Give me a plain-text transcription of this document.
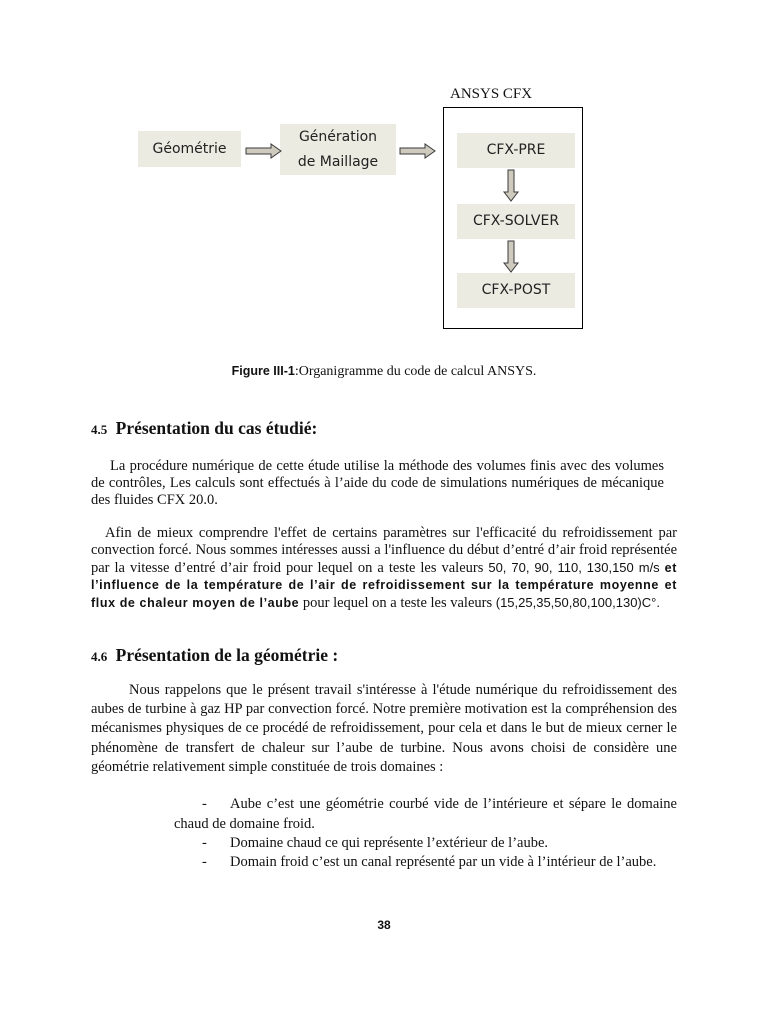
ANSYS CFX
Géométrie
Génération
de Maillage
CFX-PRE
CFX-SOLVER
CFX-POST
Figure III-1:Organigramme du code de calcul ANSYS.
4.5 Présentation du cas étudié:
La procédure numérique de cette étude utilise la méthode des volumes finis avec des volumes de contrôles, Les calculs sont effectués à l’aide du code de simulations numériques de mécanique des fluides CFX 20.0.
Afin de mieux comprendre l'effet de certains paramètres sur l'efficacité du refroidissement par convection forcé. Nous sommes intéresses aussi a l'influence du début d’entré d’air froid représentée par la vitesse d’entré d’air froid pour lequel on a teste les valeurs 50, 70, 90, 110, 130,150 m/s et l’influence de la température de l’air de refroidissement sur la température moyenne et flux de chaleur moyen de l’aube pour lequel on a teste les valeurs (15,25,35,50,80,100,130)C°.
4.6 Présentation de la géométrie :
Nous rappelons que le présent travail s'intéresse à l'étude numérique du refroidissement des aubes de turbine à gaz HP par convection forcé. Notre première motivation est la compréhension des mécanismes physiques de ce procédé de refroidissement, pour cela et dans le but de mieux cerner le phénomène de transfert de chaleur sur l’aube de turbine. Nous avons choisi de considère une géométrie relativement simple constituée de trois domaines :
- Aube c’est une géométrie courbé vide de l’intérieure et sépare le domaine chaud de domaine froid.
- Domaine chaud ce qui représente l’extérieur de l’aube.
- Domain froid c’est un canal représenté par un vide à l’intérieur de l’aube.
38
